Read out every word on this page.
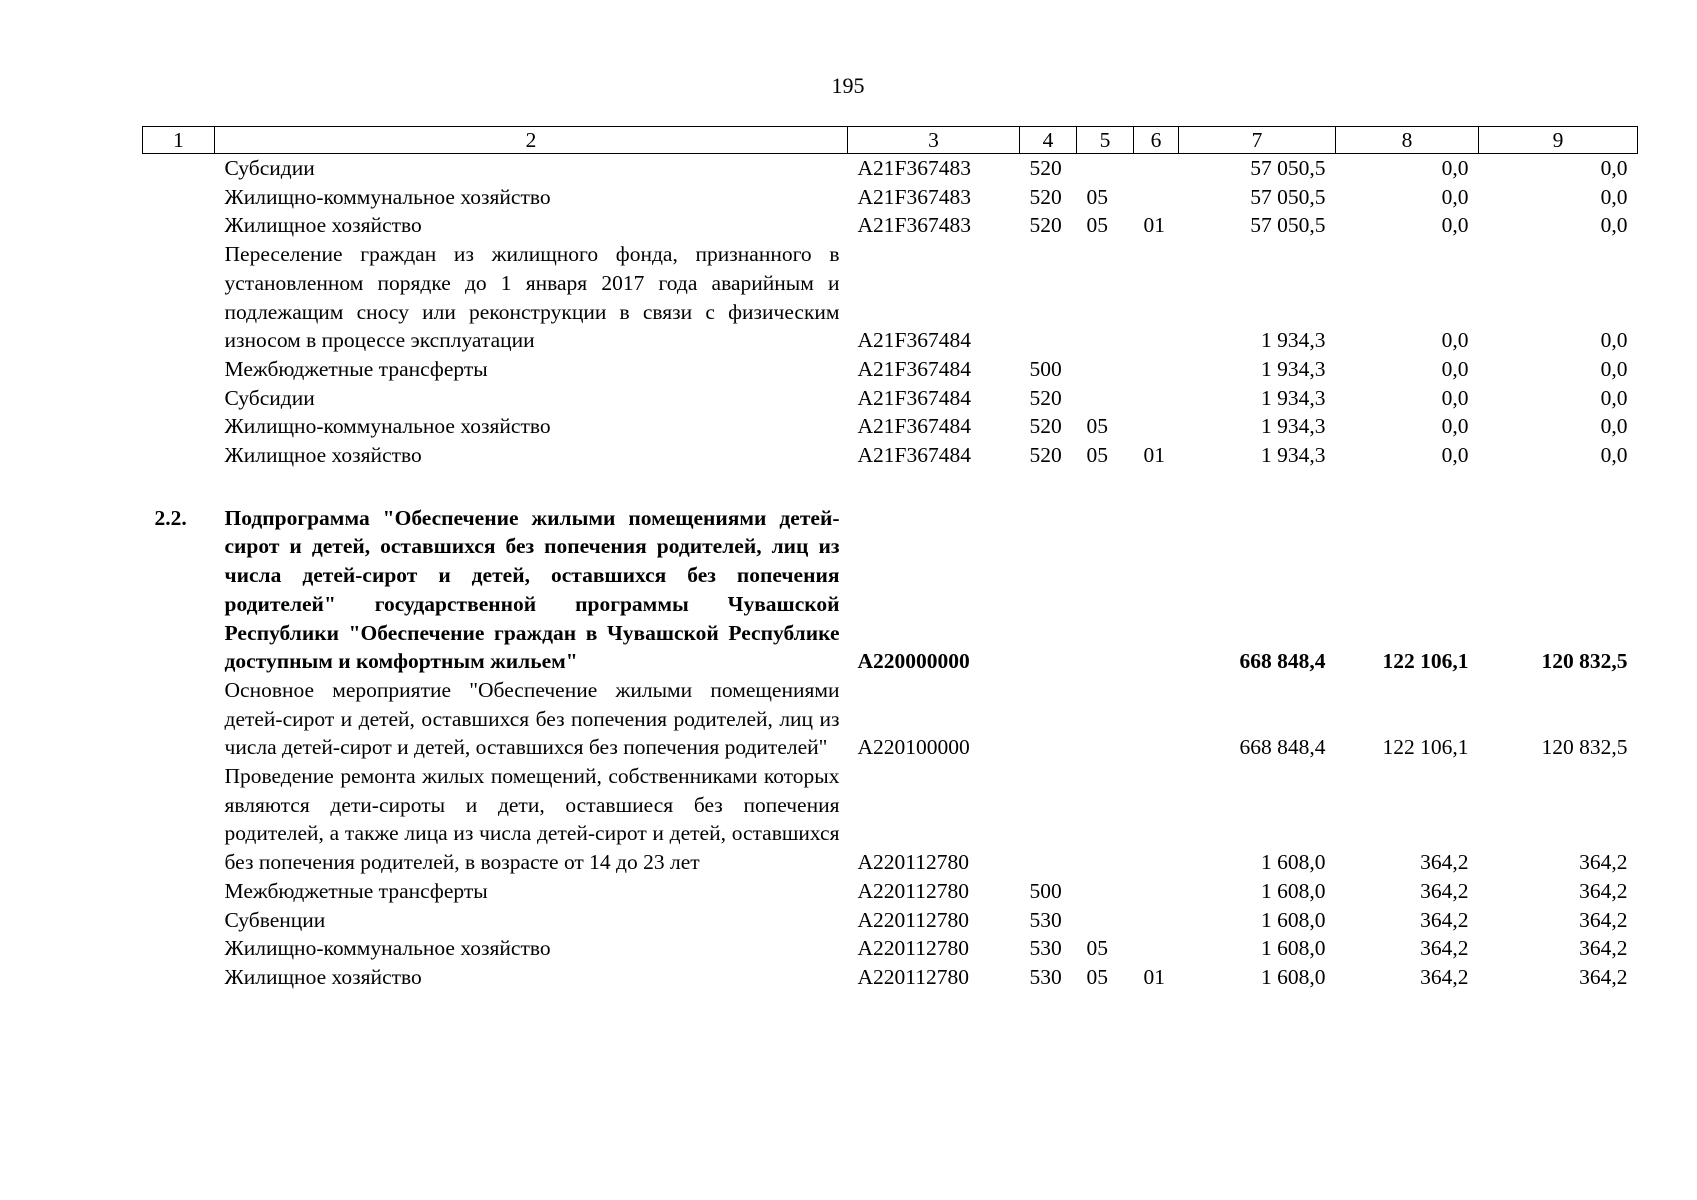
195
1	2	3	4	5	6	7	8	9
	Субсидии	А21F367483	520			57 050,5	0,0	0,0
	Жилищно-коммунальное хозяйство	А21F367483	520	05		57 050,5	0,0	0,0
	Жилищное хозяйство	А21F367483	520	05	01	57 050,5	0,0	0,0
	Переселение граждан из жилищного фонда, признанного в установленном порядке до 1 января 2017 года аварийным и подлежащим сносу или реконструкции в связи с физическим износом в процессе эксплуатации	А21F367484				1 934,3	0,0	0,0
	Межбюджетные трансферты	А21F367484	500			1 934,3	0,0	0,0
	Субсидии	А21F367484	520			1 934,3	0,0	0,0
	Жилищно-коммунальное хозяйство	А21F367484	520	05		1 934,3	0,0	0,0
	Жилищное хозяйство	А21F367484	520	05	01	1 934,3	0,0	0,0

2.2.	Подпрограмма "Обеспечение жилыми помещениями детей-сирот и детей, оставшихся без попечения родителей, лиц из числа детей-сирот и детей, оставшихся без попечения родителей" государственной программы Чувашской Республики "Обеспечение граждан в Чувашской Республике доступным и комфортным жильем"	А220000000				668 848,4	122 106,1	120 832,5
	Основное мероприятие "Обеспечение жилыми помещениями детей-сирот и детей, оставшихся без попечения родителей, лиц из числа детей-сирот и детей, оставшихся без попечения родителей"	А220100000				668 848,4	122 106,1	120 832,5
	Проведение ремонта жилых помещений, собственниками которых являются дети-сироты и дети, оставшиеся без попечения родителей, а также лица из числа детей-сирот и детей, оставшихся без попечения родителей, в возрасте от 14 до 23 лет	А220112780				1 608,0	364,2	364,2
	Межбюджетные трансферты	А220112780	500			1 608,0	364,2	364,2
	Субвенции	А220112780	530			1 608,0	364,2	364,2
	Жилищно-коммунальное хозяйство	А220112780	530	05		1 608,0	364,2	364,2
	Жилищное хозяйство	А220112780	530	05	01	1 608,0	364,2	364,2
